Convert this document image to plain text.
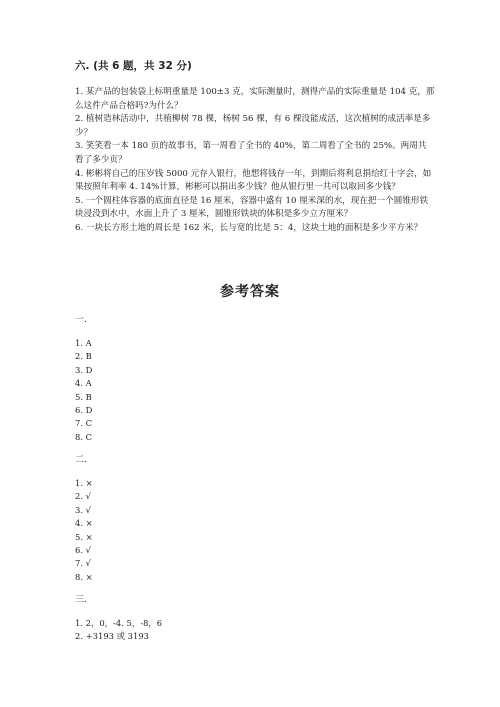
六. (共 6 题，共 32 分)
1. 某产品的包装袋上标明重量是 100±3 克，实际测量时，测得产品的实际重量是 104 克，那么这件产品合格吗?为什么？
2. 植树造林活动中，共植柳树 78 棵，杨树 56 棵，有 6 棵没能成活，这次植树的成活率是多少？
3. 笑笑看一本 180 页的故事书，第一周看了全书的 40%，第二周看了全书的 25%。两周共看了多少页？
4. 彬彬将自己的压岁钱 5000 元存入银行，他想将钱存一年，到期后将利息捐给红十字会，如果按照年利率 4. 14%计算，彬彬可以捐出多少钱？他从银行里一共可以取回多少钱？
5. 一个圆柱体容器的底面直径是 16 厘米，容器中盛有 10 厘米深的水，现在把一个圆锥形铁块浸没到水中，水面上升了 3 厘米，圆锥形铁块的体积是多少立方厘米？
6. 一块长方形土地的周长是 162 米，长与宽的比是 5：4，这块土地的面积是多少平方米？
参考答案
一.
1. A
2. B
3. D
4. A
5. B
6. D
7. C
8. C
二.
1. ×
2. √
3. √
4. ×
5. ×
6. √
7. √
8. ×
三.
1. 2，0，-4. 5，-8，6
2. +3193 或 3193
